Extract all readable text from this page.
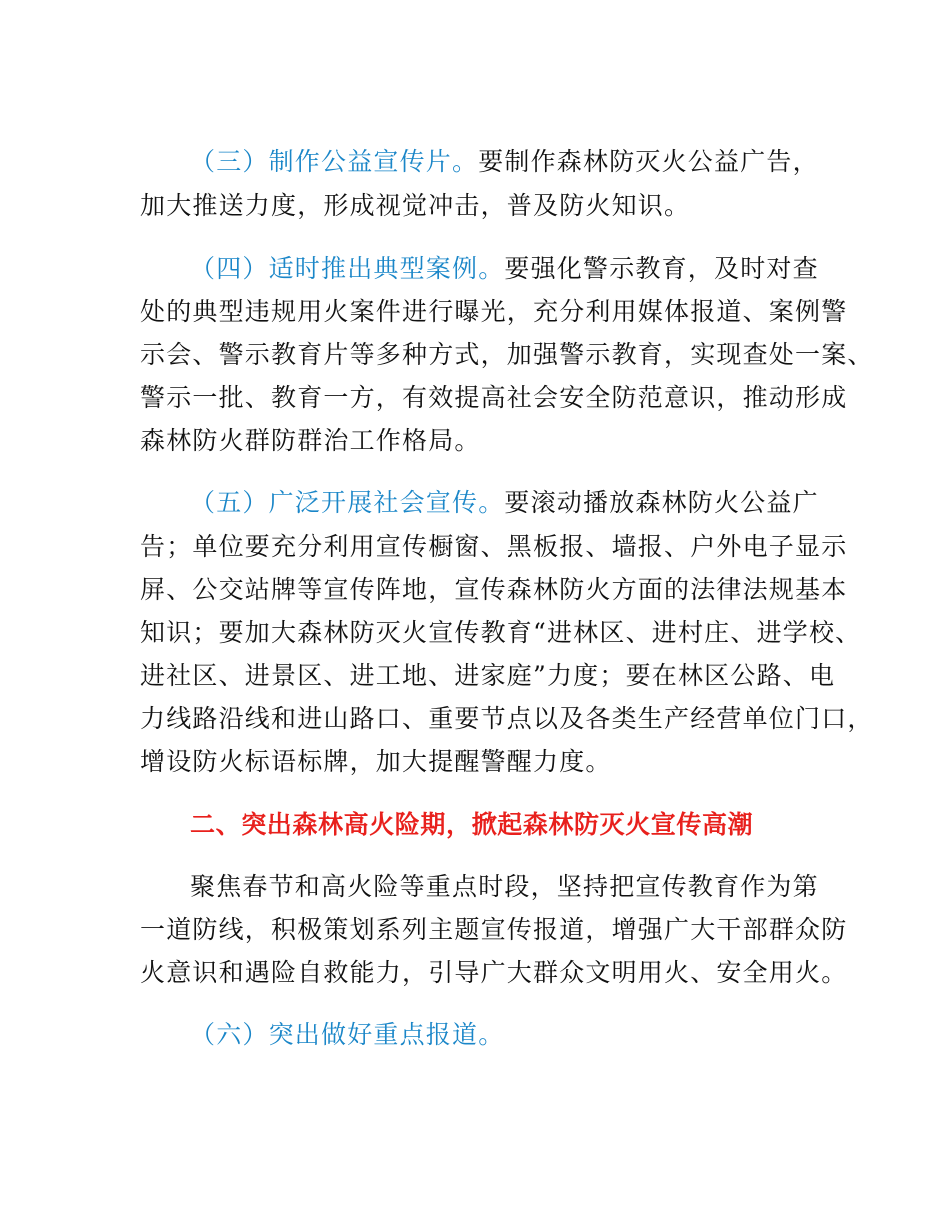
（三）制作公益宣传片。要制作森林防灭火公益广告，
加大推送力度，形成视觉冲击，普及防火知识。
（四）适时推出典型案例。要强化警示教育，及时对查
处的典型违规用火案件进行曝光，充分利用媒体报道、案例警
示会、警示教育片等多种方式，加强警示教育，实现查处一案、
警示一批、教育一方，有效提高社会安全防范意识，推动形成
森林防火群防群治工作格局。
（五）广泛开展社会宣传。要滚动播放森林防火公益广
告；单位要充分利用宣传橱窗、黑板报、墙报、户外电子显示
屏、公交站牌等宣传阵地，宣传森林防火方面的法律法规基本
知识；要加大森林防灭火宣传教育“进林区、进村庄、进学校、
进社区、进景区、进工地、进家庭”力度；要在林区公路、电
力线路沿线和进山路口、重要节点以及各类生产经营单位门口，
增设防火标语标牌，加大提醒警醒力度。
二、突出森林高火险期，掀起森林防灭火宣传高潮
聚焦春节和高火险等重点时段，坚持把宣传教育作为第
一道防线，积极策划系列主题宣传报道，增强广大干部群众防
火意识和遇险自救能力，引导广大群众文明用火、安全用火。
（六）突出做好重点报道。
